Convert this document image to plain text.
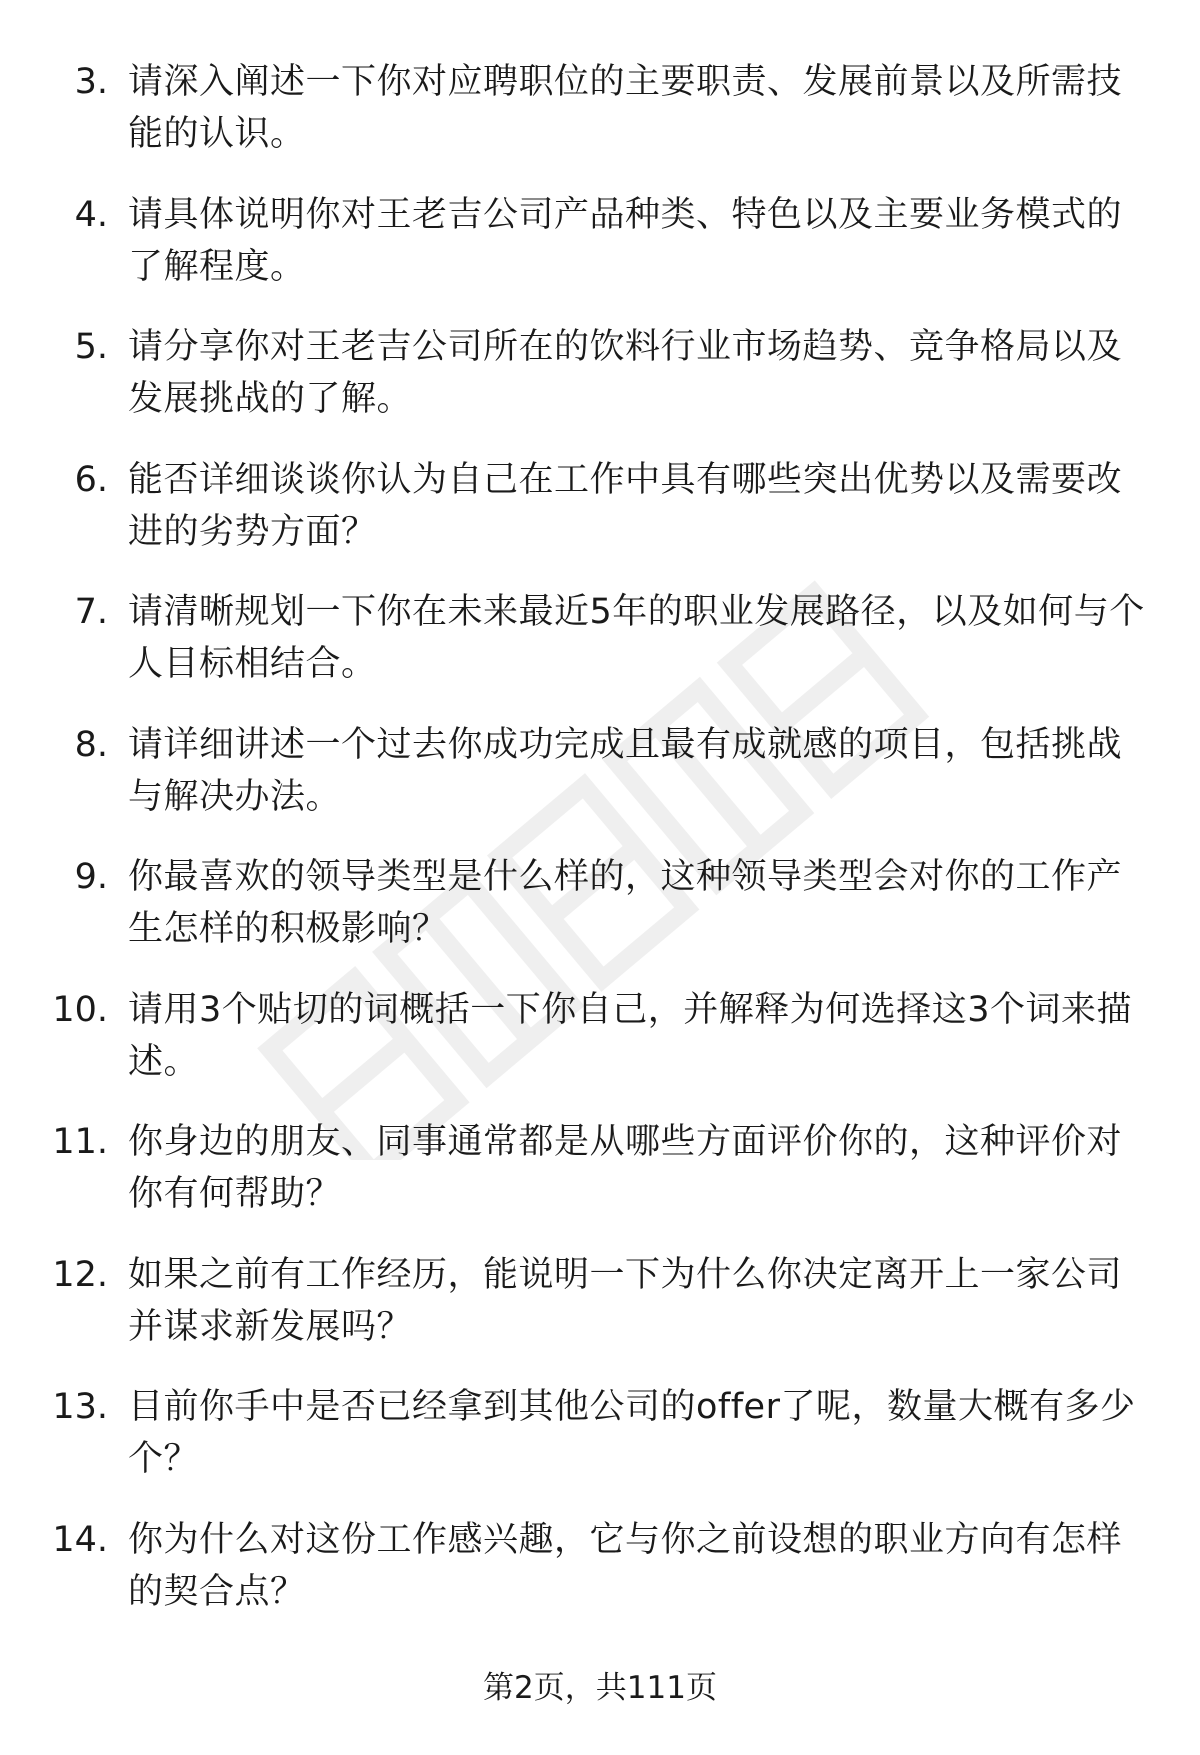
3. 请深入阐述一下你对应聘职位的主要职责、发展前景以及所需技能的认识。
4. 请具体说明你对王老吉公司产品种类、特色以及主要业务模式的了解程度。
5. 请分享你对王老吉公司所在的饮料行业市场趋势、竞争格局以及发展挑战的了解。
6. 能否详细谈谈你认为自己在工作中具有哪些突出优势以及需要改进的劣势方面？
7. 请清晰规划一下你在未来最近5年的职业发展路径，以及如何与个人目标相结合。
8. 请详细讲述一个过去你成功完成且最有成就感的项目，包括挑战与解决办法。
9. 你最喜欢的领导类型是什么样的，这种领导类型会对你的工作产生怎样的积极影响？
10. 请用3个贴切的词概括一下你自己，并解释为何选择这3个词来描述。
11. 你身边的朋友、同事通常都是从哪些方面评价你的，这种评价对你有何帮助？
12. 如果之前有工作经历，能说明一下为什么你决定离开上一家公司并谋求新发展吗？
13. 目前你手中是否已经拿到其他公司的offer了呢，数量大概有多少个？
14. 你为什么对这份工作感兴趣，它与你之前设想的职业方向有怎样的契合点？
第2页，共111页
